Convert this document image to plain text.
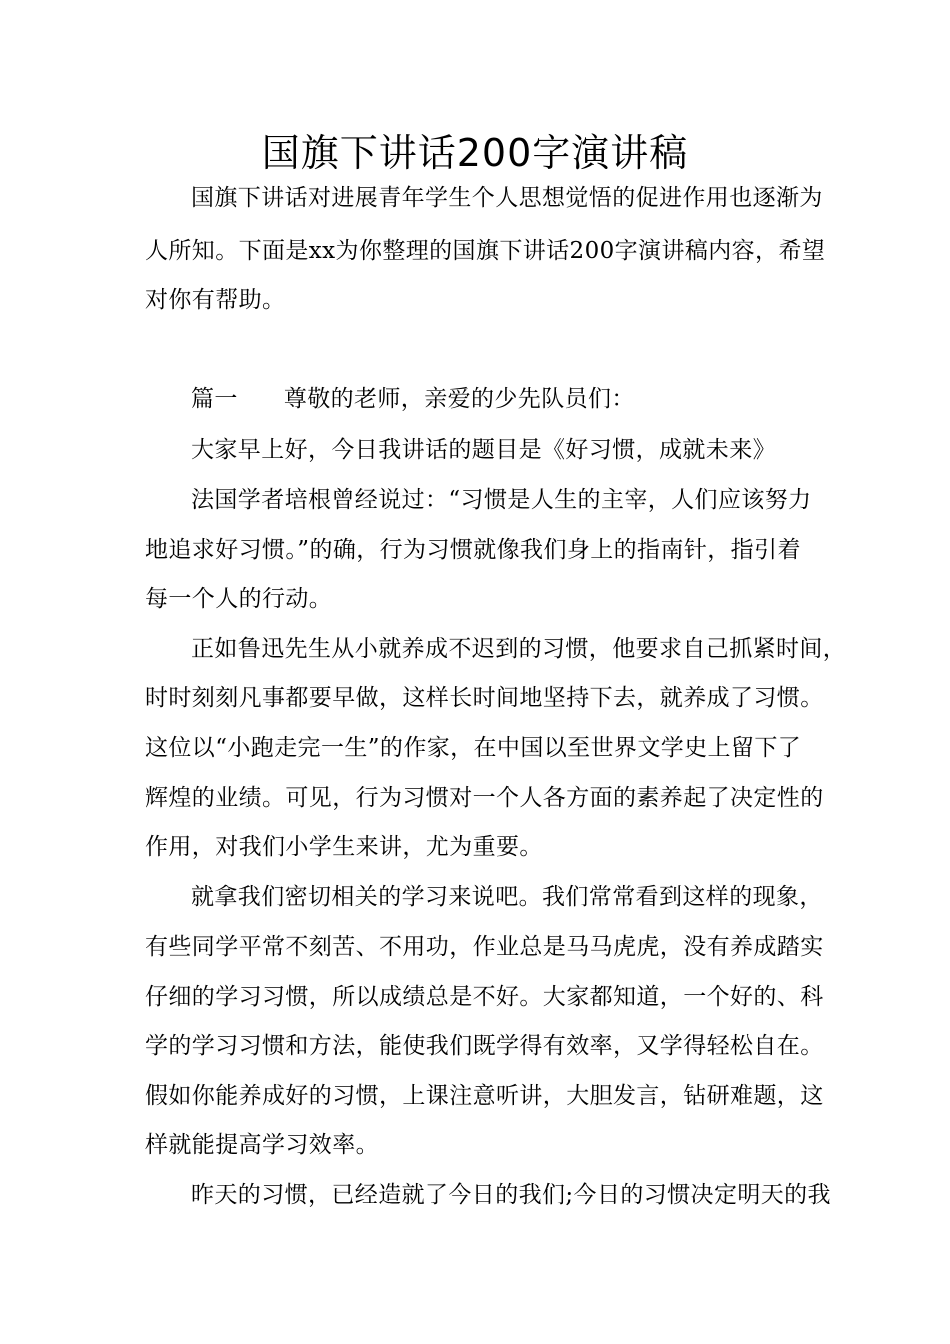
国旗下讲话200字演讲稿
国旗下讲话对进展青年学生个人思想觉悟的促进作用也逐渐为
人所知。下面是xx为你整理的国旗下讲话200字演讲稿内容，希望
对你有帮助。
篇一 尊敬的老师，亲爱的少先队员们：
大家早上好，今日我讲话的题目是《好习惯，成就未来》
法国学者培根曾经说过：“习惯是人生的主宰，人们应该努力
地追求好习惯。”的确，行为习惯就像我们身上的指南针，指引着
每一个人的行动。
正如鲁迅先生从小就养成不迟到的习惯，他要求自己抓紧时间，
时时刻刻凡事都要早做，这样长时间地坚持下去，就养成了习惯。
这位以“小跑走完一生”的作家，在中国以至世界文学史上留下了
辉煌的业绩。可见，行为习惯对一个人各方面的素养起了决定性的
作用，对我们小学生来讲，尤为重要。
就拿我们密切相关的学习来说吧。我们常常看到这样的现象，
有些同学平常不刻苦、不用功，作业总是马马虎虎，没有养成踏实
仔细的学习习惯，所以成绩总是不好。大家都知道，一个好的、科
学的学习习惯和方法，能使我们既学得有效率，又学得轻松自在。
假如你能养成好的习惯，上课注意听讲，大胆发言，钻研难题，这
样就能提高学习效率。
昨天的习惯，已经造就了今日的我们;今日的习惯决定明天的我
